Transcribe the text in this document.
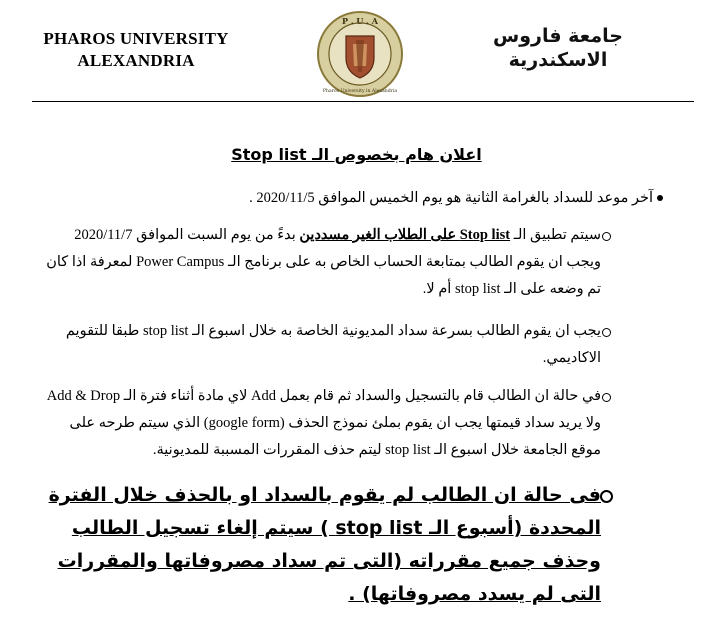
PHAROS UNIVERSITY
ALEXANDRIA
P . U . A
Pharos University in Alexandria
جامعة فاروس
الاسكندرية
اعلان هام بخصوص الـ Stop list
آخر موعد للسداد بالغرامة الثانية هو يوم الخميس الموافق 2020/11/5 .
سيتم تطبيق الـ Stop list على الطلاب الغير مسددين بدءً من يوم السبت الموافق 2020/11/7 ويجب ان يقوم الطالب بمتابعة الحساب الخاص به على برنامج الـ Power Campus لمعرفة اذا كان تم وضعه على الـ stop list أم لا.
يجب ان يقوم الطالب بسرعة سداد المديونية الخاصة به خلال اسبوع الـ stop list طبقا للتقويم الاكاديمي.
في حالة ان الطالب قام بالتسجيل والسداد ثم قام بعمل Add لاي مادة أثناء فترة الـ Add & Drop ولا يريد سداد قيمتها يجب ان يقوم بملئ نموذج الحذف (google form) الذي سيتم طرحه على موقع الجامعة خلال اسبوع الـ stop list ليتم حذف المقررات المسببة للمديونية.
فى حالة ان الطالب لم يقوم بالسداد او بالحذف خلال الفترة المحددة (أسبوع الـ stop list ) سيتم إلغاء تسجيل الطالب وحذف جميع مقرراته (التى تم سداد مصروفاتها والمقررات التى لم يسدد مصروفاتها) .
